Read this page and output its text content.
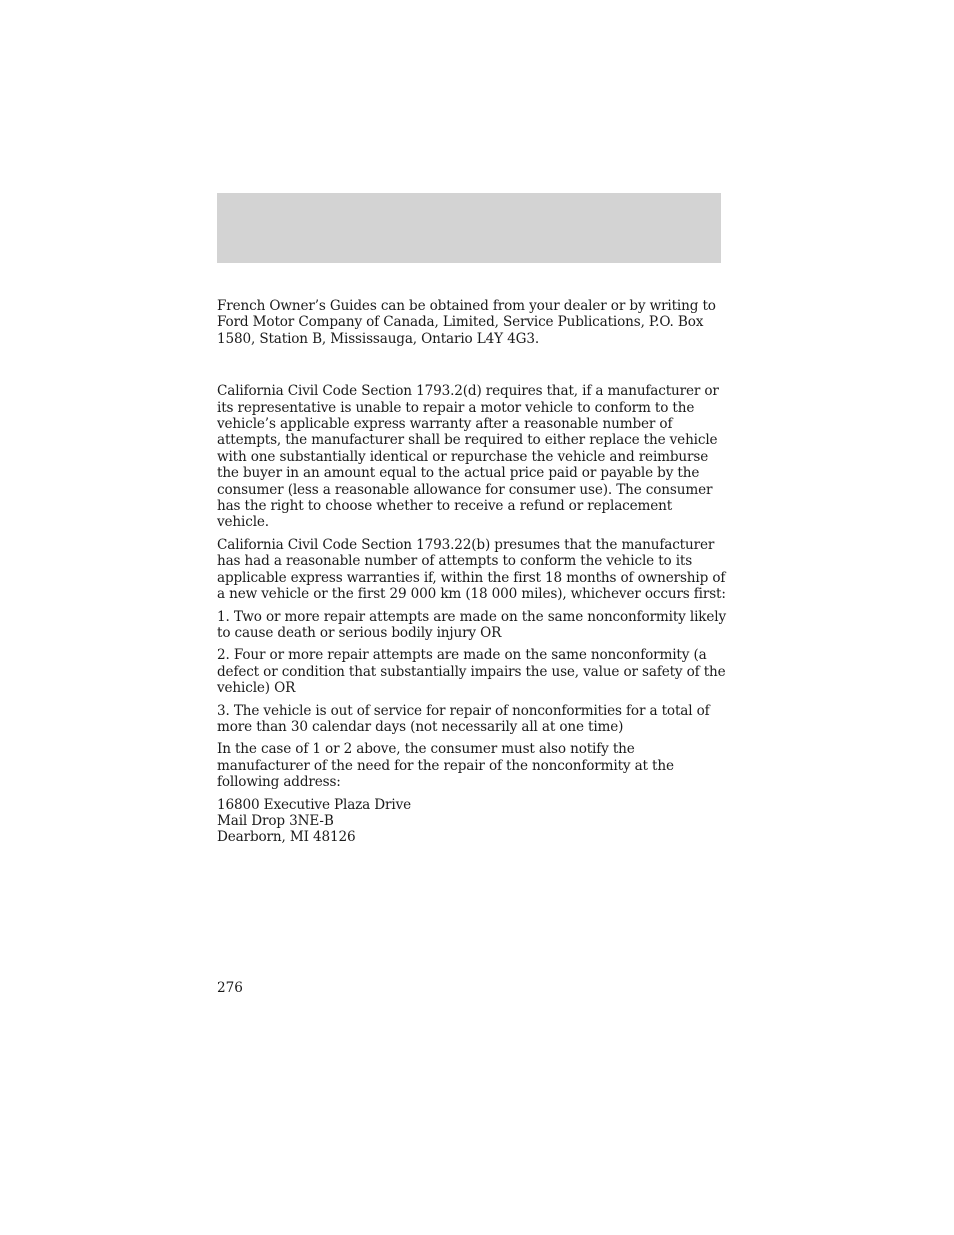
French Owner’s Guides can be obtained from your dealer or by writing to Ford Motor Company of Canada, Limited, Service Publications, P.O. Box 1580, Station B, Mississauga, Ontario L4Y 4G3.

California Civil Code Section 1793.2(d) requires that, if a manufacturer or its representative is unable to repair a motor vehicle to conform to the vehicle’s applicable express warranty after a reasonable number of attempts, the manufacturer shall be required to either replace the vehicle with one substantially identical or repurchase the vehicle and reimburse the buyer in an amount equal to the actual price paid or payable by the consumer (less a reasonable allowance for consumer use). The consumer has the right to choose whether to receive a refund or replacement vehicle.

California Civil Code Section 1793.22(b) presumes that the manufacturer has had a reasonable number of attempts to conform the vehicle to its applicable express warranties if, within the first 18 months of ownership of a new vehicle or the first 29 000 km (18 000 miles), whichever occurs first:

1. Two or more repair attempts are made on the same nonconformity likely to cause death or serious bodily injury OR

2. Four or more repair attempts are made on the same nonconformity (a defect or condition that substantially impairs the use, value or safety of the vehicle) OR

3. The vehicle is out of service for repair of nonconformities for a total of more than 30 calendar days (not necessarily all at one time)

In the case of 1 or 2 above, the consumer must also notify the manufacturer of the need for the repair of the nonconformity at the following address:

16800 Executive Plaza Drive
Mail Drop 3NE-B
Dearborn, MI 48126
276
